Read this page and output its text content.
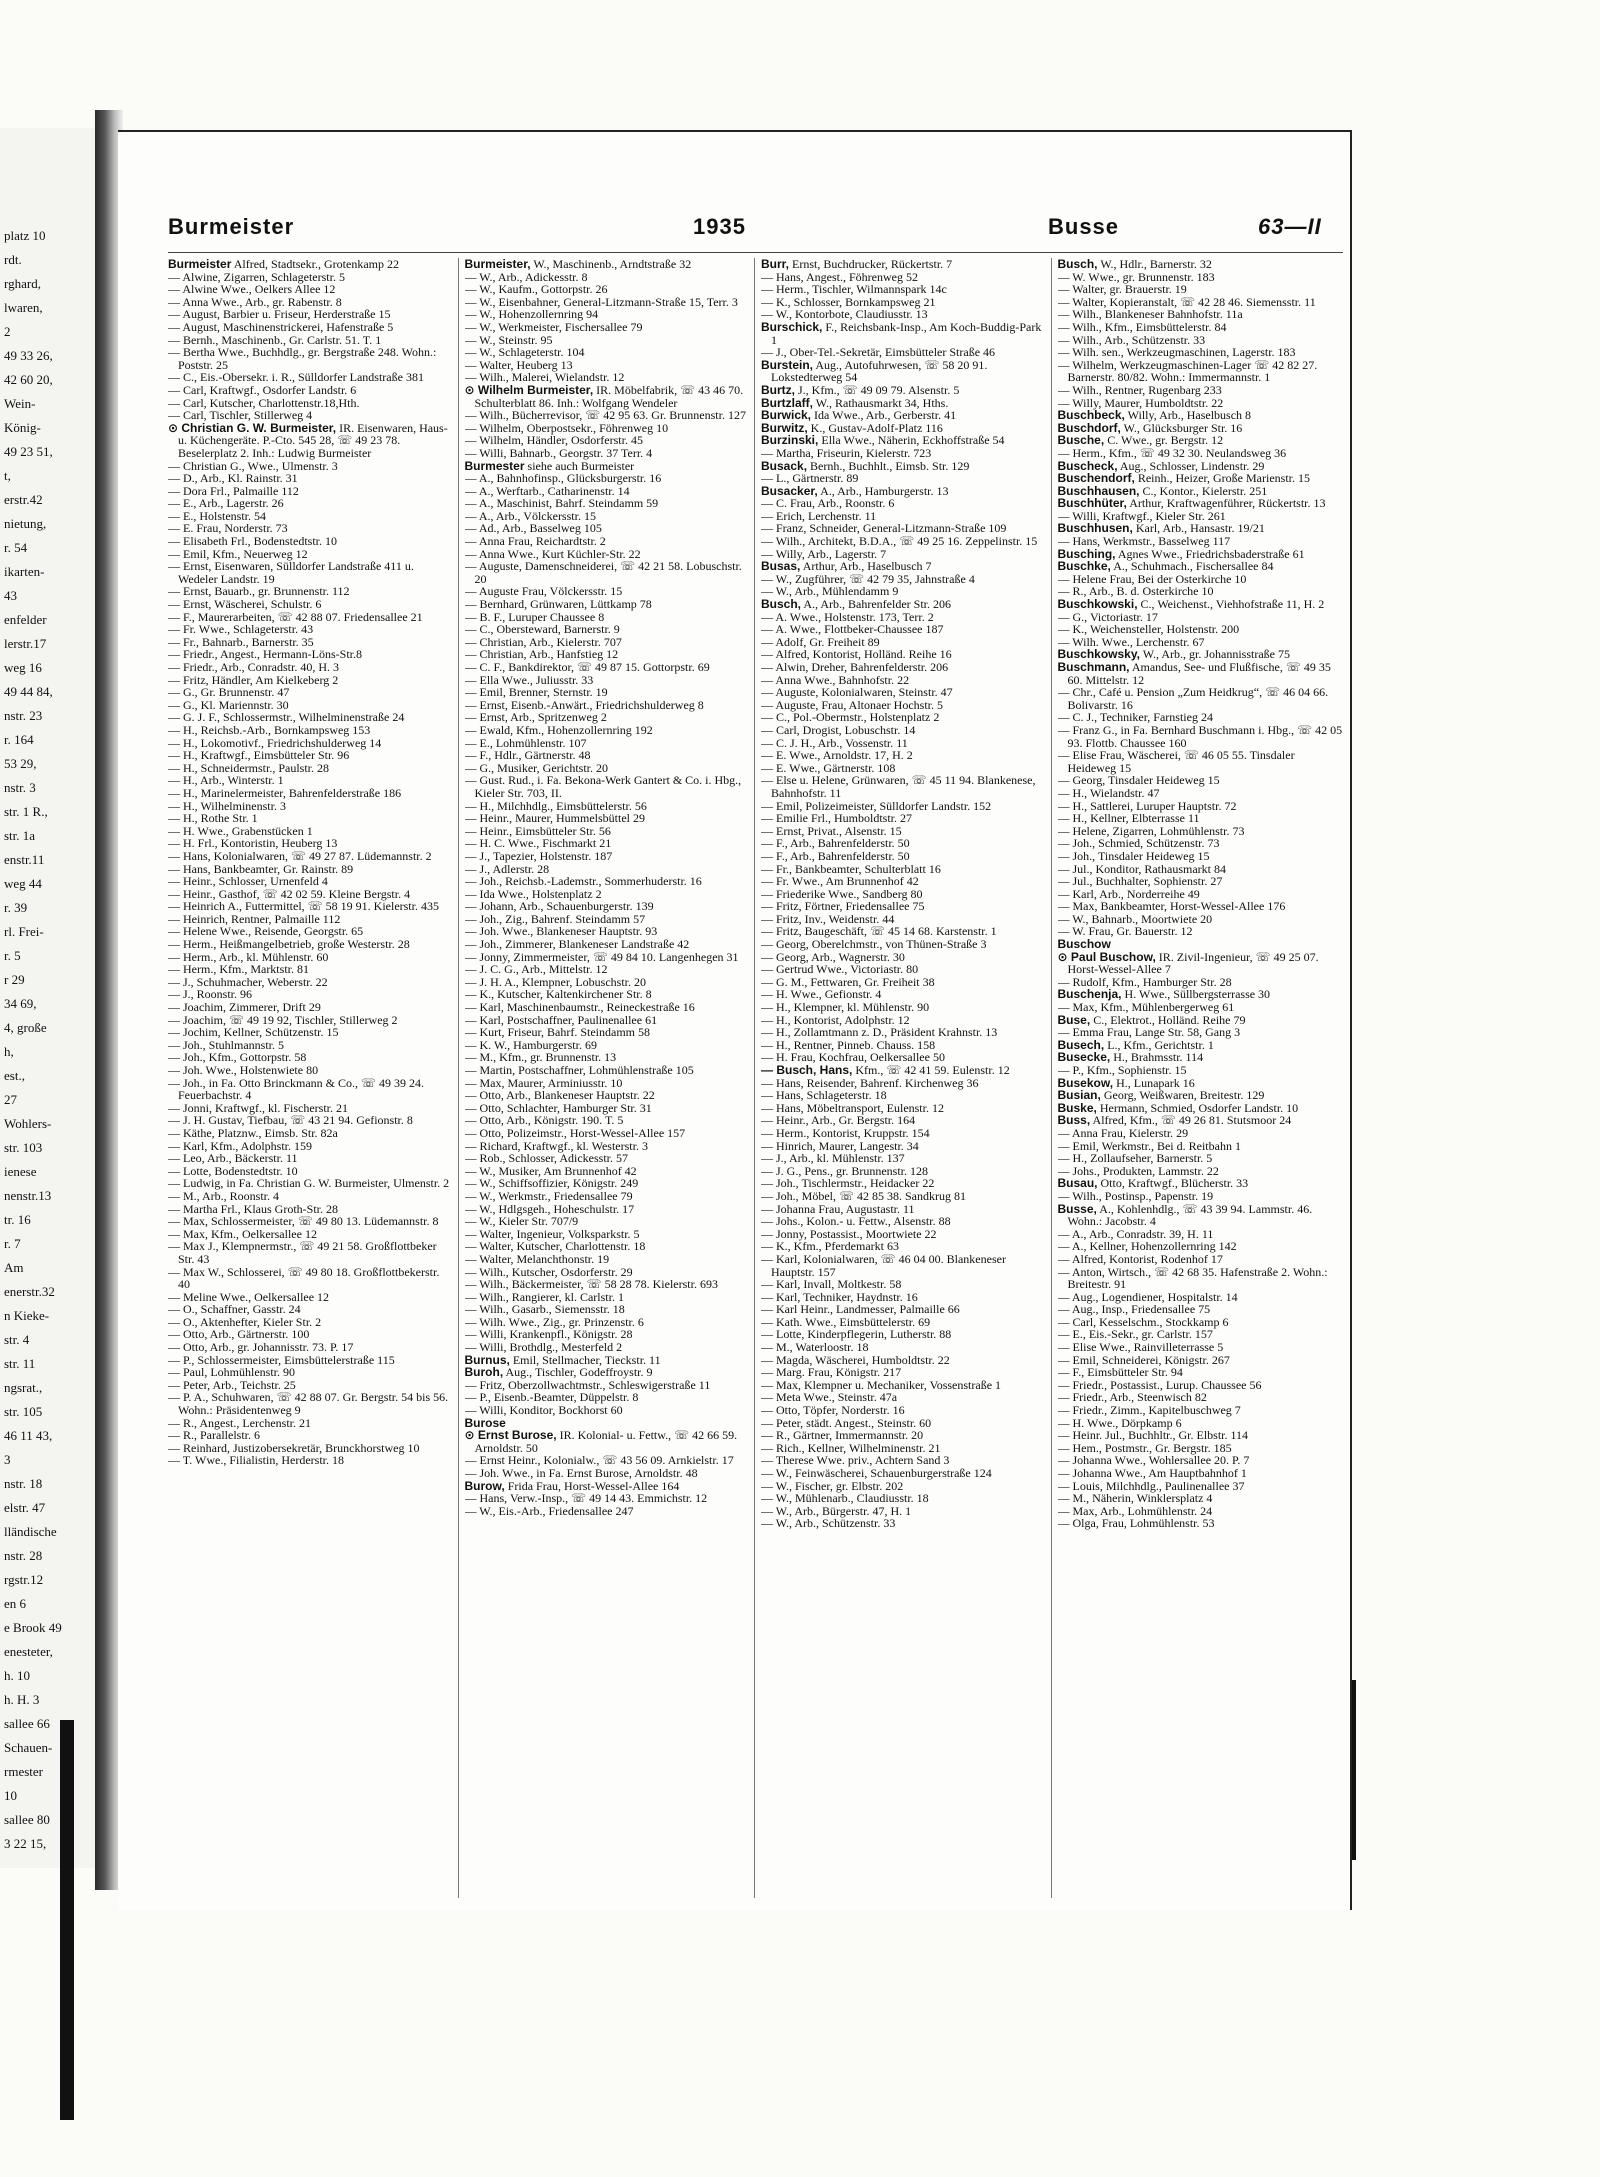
platz 10
rdt.
rghard,
lwaren,
2
49 33 26,
42 60 20,
Wein-
König-
49 23 51,
t,
erstr.42
nietung,
r. 54
ikarten-
43
enfelder
lerstr.17
weg 16
49 44 84,
nstr. 23
r. 164
53 29,
nstr. 3
str. 1 R.,
str. 1a
enstr.11
weg 44
r. 39
rl. Frei-
r. 5
r 29
34 69,
4, große
h,
est.,
27
Wohlers-
str. 103
ienese
nenstr.13
tr. 16
r. 7
Am
enerstr.32
n Kieke-
str. 4
str. 11
ngsrat.,
str. 105
46 11 43,
3
nstr. 18
elstr. 47
lländische
nstr. 28
rgstr.12
en 6
e Brook 49
enesteter,
h. 10
h. H. 3
sallee 66
Schauen-
rmester
10
sallee 80
3 22 15,
Burmeister	1935	Busse	63—II

Burmeister Alfred, Stadtsekr., Grotenkamp 22

— Alwine, Zigarren, Schlageterstr. 5

— Alwine Wwe., Oelkers Allee 12

— Anna Wwe., Arb., gr. Rabenstr. 8

— August, Barbier u. Friseur, Herderstraße 15

— August, Maschinenstrickerei, Hafenstraße 5

— Bernh., Maschinenb., Gr. Carlstr. 51. T. 1

— Bertha Wwe., Buchhdlg., gr. Bergstraße 248. Wohn.: Poststr. 25

— C., Eis.-Obersekr. i. R., Sülldorfer Landstraße 381

— Carl, Kraftwgf., Osdorfer Landstr. 6

— Carl, Kutscher, Charlottenstr.18,Hth.

— Carl, Tischler, Stillerweg 4

⊙ Christian G. W. Burmeister, IR. Eisenwaren, Haus- u. Küchengeräte. P.-Cto. 545 28, ☏ 49 23 78. Beselerplatz 2. Inh.: Ludwig Burmeister

— Christian G., Wwe., Ulmenstr. 3

— D., Arb., Kl. Rainstr. 31

— Dora Frl., Palmaille 112

— E., Arb., Lagerstr. 26

— E., Holstenstr. 54

— E. Frau, Norderstr. 73

— Elisabeth Frl., Bodenstedtstr. 10

— Emil, Kfm., Neuerweg 12

— Ernst, Eisenwaren, Sülldorfer Landstraße 411 u. Wedeler Landstr. 19

— Ernst, Bauarb., gr. Brunnenstr. 112

— Ernst, Wäscherei, Schulstr. 6

— F., Maurerarbeiten, ☏ 42 88 07. Friedensallee 21

— Fr. Wwe., Schlageterstr. 43

— Fr., Bahnarb., Barnerstr. 35

— Friedr., Angest., Hermann-Löns-Str.8

— Friedr., Arb., Conradstr. 40, H. 3

— Fritz, Händler, Am Kielkeberg 2

— G., Gr. Brunnenstr. 47

— G., Kl. Mariennstr. 30

— G. J. F., Schlossermstr., Wilhelminenstraße 24

— H., Reichsb.-Arb., Bornkampsweg 153

— H., Lokomotivf., Friedrichshulderweg 14

— H., Kraftwgf., Eimsbütteler Str. 96

— H., Schneidermstr., Paulstr. 28

— H., Arb., Winterstr. 1

— H., Marinelermeister, Bahrenfelderstraße 186

— H., Wilhelminenstr. 3

— H., Rothe Str. 1

— H. Wwe., Grabenstücken 1

— H. Frl., Kontoristin, Heuberg 13

— Hans, Kolonialwaren, ☏ 49 27 87. Lüdemannstr. 2

— Hans, Bankbeamter, Gr. Rainstr. 89

— Heinr., Schlosser, Urnenfeld 4

— Heinr., Gasthof, ☏ 42 02 59. Kleine Bergstr. 4

— Heinrich A., Futtermittel, ☏ 58 19 91. Kielerstr. 435

— Heinrich, Rentner, Palmaille 112

— Helene Wwe., Reisende, Georgstr. 65

— Herm., Heißmangelbetrieb, große Westerstr. 28

— Herm., Arb., kl. Mühlenstr. 60

— Herm., Kfm., Marktstr. 81

— J., Schuhmacher, Weberstr. 22

— J., Roonstr. 96

— Joachim, Zimmerer, Drift 29

— Joachim, ☏ 49 19 92, Tischler, Stillerweg 2

— Jochim, Kellner, Schützenstr. 15

— Joh., Stuhlmannstr. 5

— Joh., Kfm., Gottorpstr. 58

— Joh. Wwe., Holstenwiete 80

— Joh., in Fa. Otto Brinckmann & Co., ☏ 49 39 24. Feuerbachstr. 4

— Jonni, Kraftwgf., kl. Fischerstr. 21

— J. H. Gustav, Tiefbau, ☏ 43 21 94. Gefionstr. 8

— Käthe, Platznw., Eimsb. Str. 82a

— Karl, Kfm., Adolphstr. 159

— Leo, Arb., Bäckerstr. 11

— Lotte, Bodenstedtstr. 10

— Ludwig, in Fa. Christian G. W. Burmeister, Ulmenstr. 2

— M., Arb., Roonstr. 4

— Martha Frl., Klaus Groth-Str. 28

— Max, Schlossermeister, ☏ 49 80 13. Lüdemannstr. 8

— Max, Kfm., Oelkersallee 12

— Max J., Klempnermstr., ☏ 49 21 58. Großflottbeker Str. 43

— Max W., Schlosserei, ☏ 49 80 18. Großflottbekerstr. 40

— Meline Wwe., Oelkersallee 12

— O., Schaffner, Gasstr. 24

— O., Aktenhefter, Kieler Str. 2

— Otto, Arb., Gärtnerstr. 100

— Otto, Arb., gr. Johannisstr. 73. P. 17

— P., Schlossermeister, Eimsbüttelerstraße 115

— Paul, Lohmühlenstr. 90

— Peter, Arb., Teichstr. 25

— P. A., Schuhwaren, ☏ 42 88 07. Gr. Bergstr. 54 bis 56. Wohn.: Präsidentenweg 9

— R., Angest., Lerchenstr. 21

— R., Parallelstr. 6

— Reinhard, Justizobersekretär, Brunckhorstweg 10

— T. Wwe., Filialistin, Herderstr. 18

Burmeister, W., Maschinenb., Arndtstraße 32

— W., Arb., Adickesstr. 8

— W., Kaufm., Gottorpstr. 26

— W., Eisenbahner, General-Litzmann-Straße 15, Terr. 3

— W., Hohenzollernring 94

— W., Werkmeister, Fischersallee 79

— W., Steinstr. 95

— W., Schlageterstr. 104

— Walter, Heuberg 13

— Wilh., Malerei, Wielandstr. 12

⊙ Wilhelm Burmeister, IR. Möbelfabrik, ☏ 43 46 70. Schulterblatt 86. Inh.: Wolfgang Wendeler

— Wilh., Bücherrevisor, ☏ 42 95 63. Gr. Brunnenstr. 127

— Wilhelm, Oberpostsekr., Föhrenweg 10

— Wilhelm, Händler, Osdorferstr. 45

— Willi, Bahnarb., Georgstr. 37 Terr. 4

Burmester siehe auch Burmeister

— A., Bahnhofinsp., Glücksburgerstr. 16

— A., Werftarb., Catharinenstr. 14

— A., Maschinist, Bahrf. Steindamm 59

— A., Arb., Völckersstr. 15

— Ad., Arb., Basselweg 105

— Anna Frau, Reichardtstr. 2

— Anna Wwe., Kurt Küchler-Str. 22

— Auguste, Damenschneiderei, ☏ 42 21 58. Lobuschstr. 20

— Auguste Frau, Völckersstr. 15

— Bernhard, Grünwaren, Lüttkamp 78

— B. F., Luruper Chaussee 8

— C., Obersteward, Barnerstr. 9

— Christian, Arb., Kielerstr. 707

— Christian, Arb., Hanfstieg 12

— C. F., Bankdirektor, ☏ 49 87 15. Gottorpstr. 69

— Ella Wwe., Juliusstr. 33

— Emil, Brenner, Sternstr. 19

— Ernst, Eisenb.-Anwärt., Friedrichshulderweg 8

— Ernst, Arb., Spritzenweg 2

— Ewald, Kfm., Hohenzollernring 192

— E., Lohmühlenstr. 107

— F., Hdlr., Gärtnerstr. 48

— G., Musiker, Gerichtstr. 20

— Gust. Rud., i. Fa. Bekona-Werk Gantert & Co. i. Hbg., Kieler Str. 703, II.

— H., Milchhdlg., Eimsbüttelerstr. 56

— Heinr., Maurer, Hummelsbüttel 29

— Heinr., Eimsbütteler Str. 56

— H. C. Wwe., Fischmarkt 21

— J., Tapezier, Holstenstr. 187

— J., Adlerstr. 28

— Joh., Reichsb.-Lademstr., Sommerhuderstr. 16

— Ida Wwe., Holstenplatz 2

— Johann, Arb., Schauenburgerstr. 139

— Joh., Zig., Bahrenf. Steindamm 57

— Joh. Wwe., Blankeneser Hauptstr. 93

— Joh., Zimmerer, Blankeneser Landstraße 42

— Jonny, Zimmermeister, ☏ 49 84 10. Langenhegen 31

— J. C. G., Arb., Mittelstr. 12

— J. H. A., Klempner, Lobuschstr. 20

— K., Kutscher, Kaltenkirchener Str. 8

— Karl, Maschinenbaumstr., Reineckestraße 16

— Karl, Postschaffner, Paulinenallee 61

— Kurt, Friseur, Bahrf. Steindamm 58

— K. W., Hamburgerstr. 69

— M., Kfm., gr. Brunnenstr. 13

— Martin, Postschaffner, Lohmühlenstraße 105

— Max, Maurer, Arminiusstr. 10

— Otto, Arb., Blankeneser Hauptstr. 22

— Otto, Schlachter, Hamburger Str. 31

— Otto, Arb., Königstr. 190. T. 5

— Otto, Polizeimstr., Horst-Wessel-Allee 157

— Richard, Kraftwgf., kl. Westerstr. 3

— Rob., Schlosser, Adickesstr. 57

— W., Musiker, Am Brunnenhof 42

— W., Schiffsoffizier, Königstr. 249

— W., Werkmstr., Friedensallee 79

— W., Hdlgsgeh., Hoheschulstr. 17

— W., Kieler Str. 707/9

— Walter, Ingenieur, Volksparkstr. 5

— Walter, Kutscher, Charlottenstr. 18

— Walter, Melanchthonstr. 19

— Wilh., Kutscher, Osdorferstr. 29

— Wilh., Bäckermeister, ☏ 58 28 78. Kielerstr. 693

— Wilh., Rangierer, kl. Carlstr. 1

— Wilh., Gasarb., Siemensstr. 18

— Wilh. Wwe., Zig., gr. Prinzenstr. 6

— Willi, Krankenpfl., Königstr. 28

— Willi, Brothdlg., Mesterfeld 2

Burnus, Emil, Stellmacher, Tieckstr. 11

Buroh, Aug., Tischler, Godeffroystr. 9

— Fritz, Oberzollwachtmstr., Schleswigerstraße 11

— P., Eisenb.-Beamter, Düppelstr. 8

— Willi, Konditor, Bockhorst 60

Burose

⊙ Ernst Burose, IR. Kolonial- u. Fettw., ☏ 42 66 59. Arnoldstr. 50

— Ernst Heinr., Kolonialw., ☏ 43 56 09. Arnkielstr. 17

— Joh. Wwe., in Fa. Ernst Burose, Arnoldstr. 48

Burow, Frida Frau, Horst-Wessel-Allee 164

— Hans, Verw.-Insp., ☏ 49 14 43. Emmichstr. 12

— W., Eis.-Arb., Friedensallee 247

Burr, Ernst, Buchdrucker, Rückertstr. 7

— Hans, Angest., Föhrenweg 52

— Herm., Tischler, Wilmannspark 14c

— K., Schlosser, Bornkampsweg 21

— W., Kontorbote, Claudiusstr. 13

Burschick, F., Reichsbank-Insp., Am Koch-Buddig-Park 1

— J., Ober-Tel.-Sekretär, Eimsbütteler Straße 46

Burstein, Aug., Autofuhrwesen, ☏ 58 20 91. Lokstedterweg 54

Burtz, J., Kfm., ☏ 49 09 79. Alsenstr. 5

Burtzlaff, W., Rathausmarkt 34, Hths.

Burwick, Ida Wwe., Arb., Gerberstr. 41

Burwitz, K., Gustav-Adolf-Platz 116

Burzinski, Ella Wwe., Näherin, Eckhoffstraße 54

— Martha, Friseurin, Kielerstr. 723

Busack, Bernh., Buchhlt., Eimsb. Str. 129

— L., Gärtnerstr. 89

Busacker, A., Arb., Hamburgerstr. 13

— C. Frau, Arb., Roonstr. 6

— Erich, Lerchenstr. 11

— Franz, Schneider, General-Litzmann-Straße 109

— Wilh., Architekt, B.D.A., ☏ 49 25 16. Zeppelinstr. 15

— Willy, Arb., Lagerstr. 7

Busas, Arthur, Arb., Haselbusch 7

— W., Zugführer, ☏ 42 79 35, Jahnstraße 4

— W., Arb., Mühlendamm 9

Busch, A., Arb., Bahrenfelder Str. 206

— A. Wwe., Holstenstr. 173, Terr. 2

— A. Wwe., Flottbeker-Chaussee 187

— Adolf, Gr. Freiheit 89

— Alfred, Kontorist, Holländ. Reihe 16

— Alwin, Dreher, Bahrenfelderstr. 206

— Anna Wwe., Bahnhofstr. 22

— Auguste, Kolonialwaren, Steinstr. 47

— Auguste, Frau, Altonaer Hochstr. 5

— C., Pol.-Obermstr., Holstenplatz 2

— Carl, Drogist, Lobuschstr. 14

— C. J. H., Arb., Vossenstr. 11

— E. Wwe., Arnoldstr. 17, H. 2

— E. Wwe., Gärtnerstr. 108

— Else u. Helene, Grünwaren, ☏ 45 11 94. Blankenese, Bahnhofstr. 11

— Emil, Polizeimeister, Sülldorfer Landstr. 152

— Emilie Frl., Humboldtstr. 27

— Ernst, Privat., Alsenstr. 15

— F., Arb., Bahrenfelderstr. 50

— F., Arb., Bahrenfelderstr. 50

— Fr., Bankbeamter, Schulterblatt 16

— Fr. Wwe., Am Brunnenhof 42

— Friederike Wwe., Sandberg 80

— Fritz, Förtner, Friedensallee 75

— Fritz, Inv., Weidenstr. 44

— Fritz, Baugeschäft, ☏ 45 14 68. Karstenstr. 1

— Georg, Oberelchmstr., von Thünen-Straße 3

— Georg, Arb., Wagnerstr. 30

— Gertrud Wwe., Victoriastr. 80

— G. M., Fettwaren, Gr. Freiheit 38

— H. Wwe., Gefionstr. 4

— H., Klempner, kl. Mühlenstr. 90

— H., Kontorist, Adolphstr. 12

— H., Zollamtmann z. D., Präsident Krahnstr. 13

— H., Rentner, Pinneb. Chauss. 158

— H. Frau, Kochfrau, Oelkersallee 50

— Busch, Hans, Kfm., ☏ 42 41 59. Eulenstr. 12

— Hans, Reisender, Bahrenf. Kirchenweg 36

— Hans, Schlageterstr. 18

— Hans, Möbeltransport, Eulenstr. 12

— Heinr., Arb., Gr. Bergstr. 164

— Herm., Kontorist, Kruppstr. 154

— Hinrich, Maurer, Langestr. 34

— J., Arb., kl. Mühlenstr. 137

— J. G., Pens., gr. Brunnenstr. 128

— Joh., Tischlermstr., Heidacker 22

— Joh., Möbel, ☏ 42 85 38. Sandkrug 81

— Johanna Frau, Augustastr. 11

— Johs., Kolon.- u. Fettw., Alsenstr. 88

— Jonny, Postassist., Moortwiete 22

— K., Kfm., Pferdemarkt 63

— Karl, Kolonialwaren, ☏ 46 04 00. Blankeneser Hauptstr. 157

— Karl, Invall, Moltkestr. 58

— Karl, Techniker, Haydnstr. 16

— Karl Heinr., Landmesser, Palmaille 66

— Kath. Wwe., Eimsbüttelerstr. 69

— Lotte, Kinderpflegerin, Lutherstr. 88

— M., Waterloostr. 18

— Magda, Wäscherei, Humboldtstr. 22

— Marg. Frau, Königstr. 217

— Max, Klempner u. Mechaniker, Vossenstraße 1

— Meta Wwe., Steinstr. 47a

— Otto, Töpfer, Norderstr. 16

— Peter, städt. Angest., Steinstr. 60

— R., Gärtner, Immermannstr. 20

— Rich., Kellner, Wilhelminenstr. 21

— Therese Wwe. priv., Achtern Sand 3

— W., Feinwäscherei, Schauenburgerstraße 124

— W., Fischer, gr. Elbstr. 202

— W., Mühlenarb., Claudiusstr. 18

— W., Arb., Bürgerstr. 47, H. 1

— W., Arb., Schützenstr. 33

Busch, W., Hdlr., Barnerstr. 32

— W. Wwe., gr. Brunnenstr. 183

— Walter, gr. Brauerstr. 19

— Walter, Kopieranstalt, ☏ 42 28 46. Siemensstr. 11

— Wilh., Blankeneser Bahnhofstr. 11a

— Wilh., Kfm., Eimsbüttelerstr. 84

— Wilh., Arb., Schützenstr. 33

— Wilh. sen., Werkzeugmaschinen, Lagerstr. 183

— Wilhelm, Werkzeugmaschinen-Lager ☏ 42 82 27. Barnerstr. 80/82. Wohn.: Immermannstr. 1

— Wilh., Rentner, Rugenbarg 233

— Willy, Maurer, Humboldtstr. 22

Buschbeck, Willy, Arb., Haselbusch 8

Buschdorf, W., Glücksburger Str. 16

Busche, C. Wwe., gr. Bergstr. 12

— Herm., Kfm., ☏ 49 32 30. Neulandsweg 36

Buscheck, Aug., Schlosser, Lindenstr. 29

Buschendorf, Reinh., Heizer, Große Marienstr. 15

Buschhausen, C., Kontor., Kielerstr. 251

Buschhüter, Arthur, Kraftwagenführer, Rückertstr. 13

— Willi, Kraftwgf., Kieler Str. 261

Buschhusen, Karl, Arb., Hansastr. 19/21

— Hans, Werkmstr., Basselweg 117

Busching, Agnes Wwe., Friedrichsbaderstraße 61

Buschke, A., Schuhmach., Fischersallee 84

— Helene Frau, Bei der Osterkirche 10

— R., Arb., B. d. Osterkirche 10

Buschkowski, C., Weichenst., Viehhofstraße 11, H. 2

— G., Victoriastr. 17

— K., Weichensteller, Holstenstr. 200

— Wilh. Wwe., Lerchenstr. 67

Buschkowsky, W., Arb., gr. Johannisstraße 75

Buschmann, Amandus, See- und Flußfische, ☏ 49 35 60. Mittelstr. 12

— Chr., Café u. Pension „Zum Heidkrug“, ☏ 46 04 66. Bolivarstr. 16

— C. J., Techniker, Farnstieg 24

— Franz G., in Fa. Bernhard Buschmann i. Hbg., ☏ 42 05 93. Flottb. Chaussee 160

— Elise Frau, Wäscherei, ☏ 46 05 55. Tinsdaler Heideweg 15

— Georg, Tinsdaler Heideweg 15

— H., Wielandstr. 47

— H., Sattlerei, Luruper Hauptstr. 72

— H., Kellner, Elbterrasse 11

— Helene, Zigarren, Lohmühlenstr. 73

— Joh., Schmied, Schützenstr. 73

— Joh., Tinsdaler Heideweg 15

— Jul., Konditor, Rathausmarkt 84

— Jul., Buchhalter, Sophienstr. 27

— Karl, Arb., Norderreihe 49

— Max, Bankbeamter, Horst-Wessel-Allee 176

— W., Bahnarb., Moortwiete 20

— W. Frau, Gr. Bauerstr. 12

Buschow

⊙ Paul Buschow, IR. Zivil-Ingenieur, ☏ 49 25 07. Horst-Wessel-Allee 7

— Rudolf, Kfm., Hamburger Str. 28

Buschenja, H. Wwe., Süllbergsterrasse 30

— Max, Kfm., Mühlenbergerweg 61

Buse, C., Elektrot., Holländ. Reihe 79

— Emma Frau, Lange Str. 58, Gang 3

Busech, L., Kfm., Gerichtstr. 1

Busecke, H., Brahmsstr. 114

— P., Kfm., Sophienstr. 15

Busekow, H., Lunapark 16

Busian, Georg, Weißwaren, Breitestr. 129

Buske, Hermann, Schmied, Osdorfer Landstr. 10

Buss, Alfred, Kfm., ☏ 49 26 81. Stutsmoor 24

— Anna Frau, Kielerstr. 29

— Emil, Werkmstr., Bei d. Reitbahn 1

— H., Zollaufseher, Barnerstr. 5

— Johs., Produkten, Lammstr. 22

Busau, Otto, Kraftwgf., Blücherstr. 33

— Wilh., Postinsp., Papenstr. 19

Busse, A., Kohlenhdlg., ☏ 43 39 94. Lammstr. 46. Wohn.: Jacobstr. 4

— A., Arb., Conradstr. 39, H. 11

— A., Kellner, Hohenzollernring 142

— Alfred, Kontorist, Rodenhof 17

— Anton, Wirtsch., ☏ 42 68 35. Hafenstraße 2. Wohn.: Breitestr. 91

— Aug., Logendiener, Hospitalstr. 14

— Aug., Insp., Friedensallee 75

— Carl, Kesselschm., Stockkamp 6

— E., Eis.-Sekr., gr. Carlstr. 157

— Elise Wwe., Rainvilleterrasse 5

— Emil, Schneiderei, Königstr. 267

— F., Eimsbütteler Str. 94

— Friedr., Postassist., Lurup. Chaussee 56

— Friedr., Arb., Steenwisch 82

— Friedr., Zimm., Kapitelbuschweg 7

— H. Wwe., Dörpkamp 6

— Heinr. Jul., Buchhltr., Gr. Elbstr. 114

— Hem., Postmstr., Gr. Bergstr. 185

— Johanna Wwe., Wohlersallee 20. P. 7

— Johanna Wwe., Am Hauptbahnhof 1

— Louis, Milchhdlg., Paulinenallee 37

— M., Näherin, Winklersplatz 4

— Max, Arb., Lohmühlenstr. 24

— Olga, Frau, Lohmühlenstr. 53
